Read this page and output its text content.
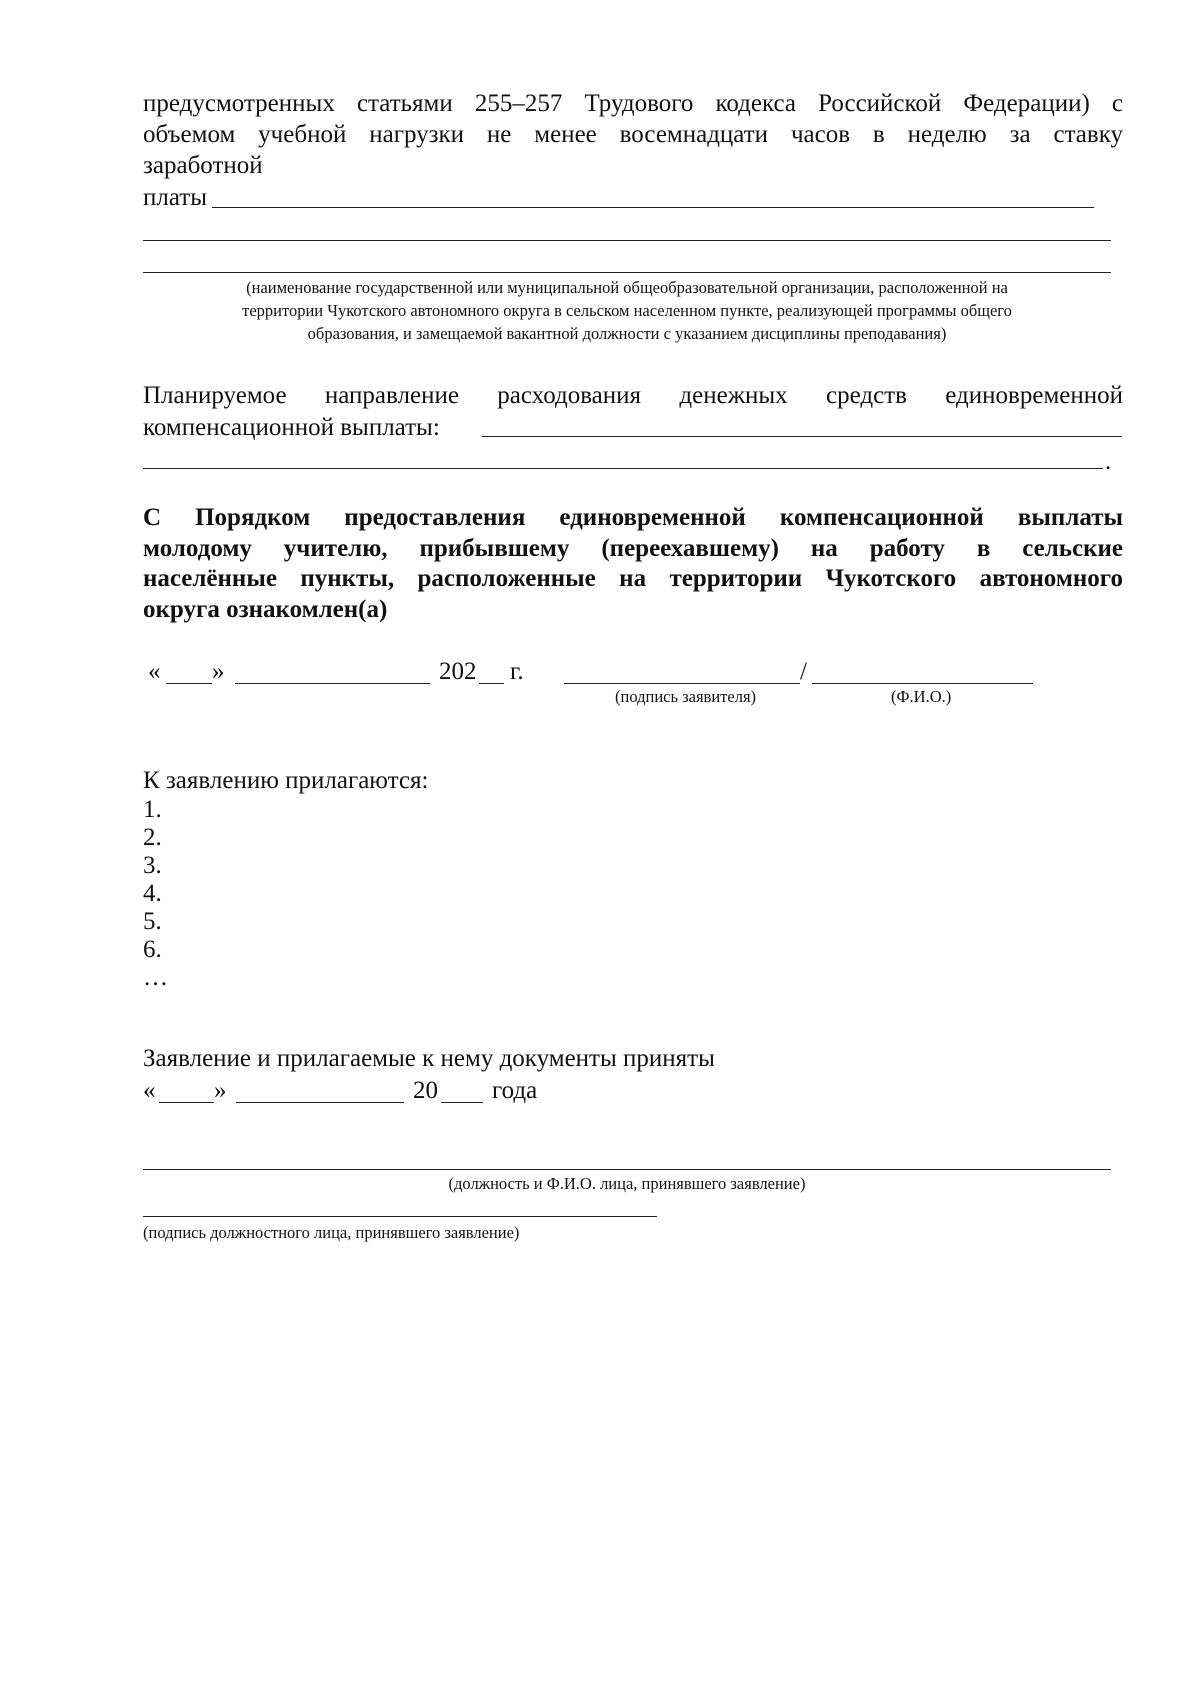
предусмотренных статьями 255–257 Трудового кодекса Российской Федерации) с
объемом учебной нагрузки не менее восемнадцати часов в неделю за ставку
заработной
платы
(наименование государственной или муниципальной общеобразовательной организации, расположенной на
территории Чукотского автономного округа в сельском населенном пункте, реализующей программы общего
образования, и замещаемой вакантной должности с указанием дисциплины преподавания)
Планируемое направление расходования денежных средств единовременной
компенсационной выплаты:
.
С Порядком предоставления единовременной компенсационной выплаты
молодому учителю, прибывшему (переехавшему) на работу в сельские
населённые пункты, расположенные на территории Чукотского автономного
округа ознакомлен(а)
« »	202 г.	/
(подпись заявителя)	(Ф.И.О.)
К заявлению прилагаются:
1.
2.
3.
4.
5.
6.
…
Заявление и прилагаемые к нему документы приняты
« »	20 года
(должность и Ф.И.О. лица, принявшего заявление)
(подпись должностного лица, принявшего заявление)
